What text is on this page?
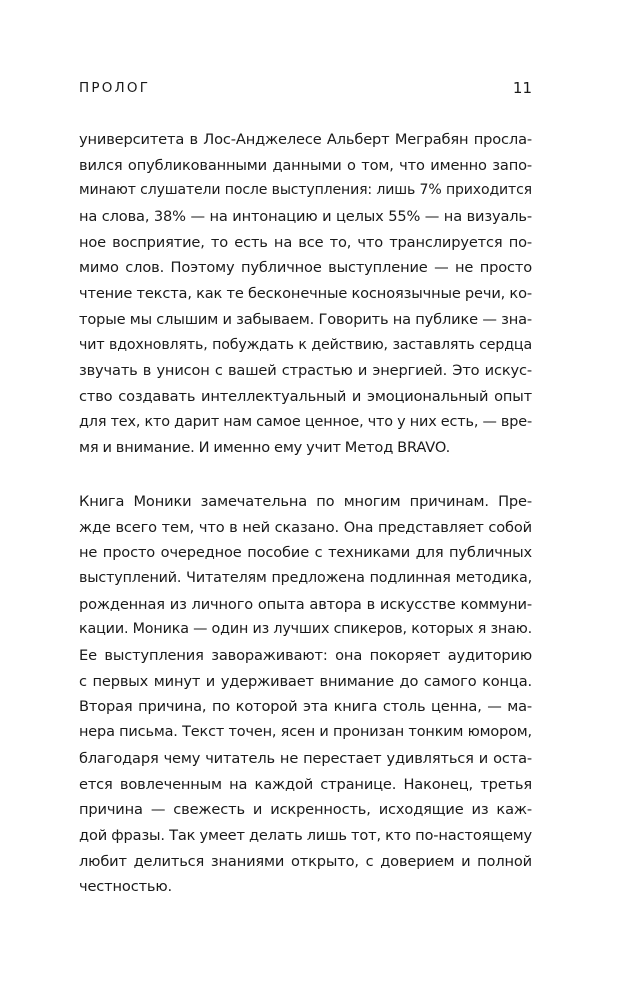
ПРОЛОГ	11

университета в Лос-Анджелесе Альберт Меграбян просла-
вился опубликованными данными о том, что именно запо-
минают слушатели после выступления: лишь 7% приходится
на слова, 38% — на интонацию и целых 55% — на визуаль-
ное восприятие, то есть на все то, что транслируется по-
мимо слов. Поэтому публичное выступление — не просто
чтение текста, как те бесконечные косноязычные речи, ко-
торые мы слышим и забываем. Говорить на публике — зна-
чит вдохновлять, побуждать к действию, заставлять сердца
звучать в унисон с вашей страстью и энергией. Это искус-
ство создавать интеллектуальный и эмоциональный опыт
для тех, кто дарит нам самое ценное, что у них есть, — вре-
мя и внимание. И именно ему учит Метод BRAVO.

Книга Моники замечательна по многим причинам. Пре-
жде всего тем, что в ней сказано. Она представляет собой
не просто очередное пособие с техниками для публичных
выступлений. Читателям предложена подлинная методика,
рожденная из личного опыта автора в искусстве коммуни-
кации. Моника — один из лучших спикеров, которых я знаю.
Ее выступления завораживают: она покоряет аудиторию
с первых минут и удерживает внимание до самого конца.
Вторая причина, по которой эта книга столь ценна, — ма-
нера письма. Текст точен, ясен и пронизан тонким юмором,
благодаря чему читатель не перестает удивляться и оста-
ется вовлеченным на каждой странице. Наконец, третья
причина — свежесть и искренность, исходящие из каж-
дой фразы. Так умеет делать лишь тот, кто по-настоящему
любит делиться знаниями открыто, с доверием и полной
честностью.
